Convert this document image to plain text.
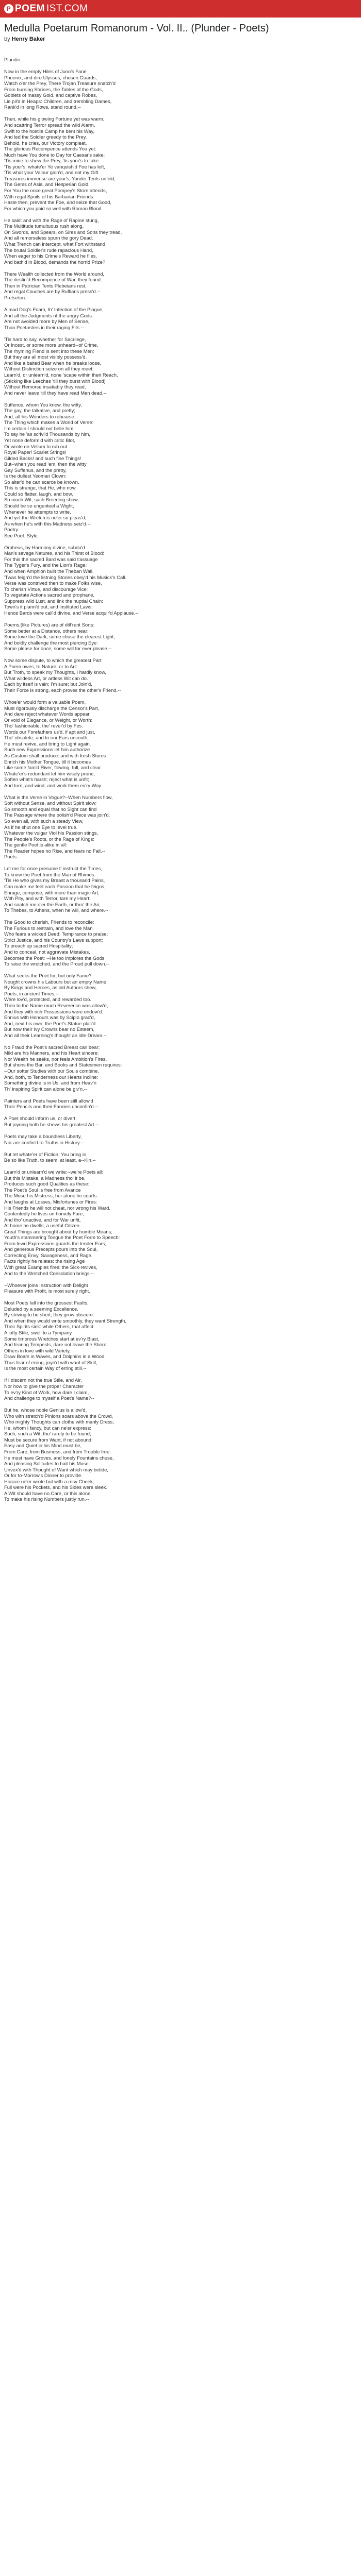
P POEM IST.COM
Medulla Poetarum Romanorum - Vol. II.. (Plunder - Poets)
by Henry Baker
Plunder.
Now in the empty Hiles of Juno's Fane
Phoenix, and dire Ulysses, chosen Guards,
Watch o'er the Prey. There Trojan Treasure snatch'd
From burning Shrines, the Tables of the Gods,
Goblets of massy Gold, and captive Robes,
Lie pil'd in Heaps: Children, and trembling Dames,
Rank'd in long Rows, stand round.--
Then, while his glowing Fortune yet was warm,
And scattring Terror spread the wild Alarm,
Swift to the hostile Camp he bent his Way,
And led the Soldier greedy to the Prey.
Behold, he cries, our Victory compleat,
The glorious Recompence attends You yet:
Much have You done to Day for Caesar's sake;
'Tis mine to shew the Prey, 'tis your's to take.
'Tis your's, whate'er Ye vanquish'd Foe has left,
'Tis what your Valour gain'd, and not my Gift.
Treasures immense are your's; Yonder Tents unfold,
The Gems of Asia, and Hesperian Gold.
For You the once great Pompey's Store attends,
With regal Spoils of his Barbarian Friends:
Haste then, prevent the Foe, and seize that Good,
For which you paid so well with Roman Blood.
He said: and with the Rage of Rapine stung,
The Multitude tumultuous rush along,
On Swords, and Spears, on Sires and Sons they tread,
And all remorseless spurn the gory Dead.
What Trench can intercept, what Fort withstand
The brutal Soldier's rude rapacious Hand,
When eager to his Crime's Reward he flies,
And bath'd in Blood, demands the horrid Prize?
There Wealth collected from the World around,
The destin'd Recompence of War, they found.
Then in Patrician Tents Plebeians rest,
And regal Couches are by Ruffians press'd.--
Pretseton.
A mad Dog's Foam, th' Infection of the Plague,
And all the Judgments of the angry Gods
Are not avoided more by Men of Sense,
Than Poetasters in their raging Fits:--
'Tis hard to say, whether for Sacrilege,
Or Incest, or some more unheard--of Crime,
The rhyming Fiend is sent into these Men:
But they are all most visibly possess'd.
And like a baited Bear when he breaks loose,
Without Distinction seize on all they meet:
Learn'd, or unlearn'd, none 'scape within their Reach,
(Sticking like Leeches 'till they burst with Blood)
Without Remorse insatiably they read,
And never leave 'till they have read Men dead.--
Suffenus, whom You know, the witty,
The gay, the talkative, and pretty;
And, all his Wonders to rehearse,
The Thing which makes a World of Verse:
I'm certain I should not belie him,
To say he 'as scrivl'd Thousands by him,
Yet none deform'd with critic Blot,
Or wrote on Vellum to rub out.
Royal Paper! Scarlet Strings!
Gilded Backs! and such fine Things!
But--when you read 'em, then the witty
Gay Suffenus, and the pretty,
Is the dullest Yeoman Clown:
So alter'd he can scarce be known.
This is strange, that He, who now
Could so flatter, laugh, and bow,
So much Wit, such Breeding show,
Should be so ungenteel a Wight,
Whenever he attempts to write.
And yet the Wretch is ne'er so pleas'd,
As when he's with this Madness seiz'd.--
Poetry.
See Poet. Style.
Orpheus, by Harmony divine, subdu'd
Man's savage Natures, and his Thirst of Blood:
For this the sacred Bard was said t'assuage
The Tyger's Fury, and the Lion's Rage:
And when Amphion built the Theban Wall,
'Twas feign'd the listning Stones obey'd his Musick's Call.
Verse was contrived then to make Folks wise,
To cherish Virtue, and discourage Vice:
To vegetate Actions sacred and prophane,
Suppress wild Lust, and link the nuptial Chain:
Town's it plann'd out, and instituted Laws.
Hence Bards were call'd divine, and Verse acquir'd Applause.--
Poems,(like Pictures) are of diff'rent Sorts:
Some better at a Distance, others near:
Some love the Dark, some chuse the clearest Light,
And boldly challenge the most piercing Eye:
Some please for once, some will for ever please.--
Now some dispute, to which the greatest Part
A Poem owes, to Nature, or to Art:
But Troth, to speak my Thoughts, I hardly know,
What wildess Art, or artless Wit can do.
Each by itself is vain; I'm sure; but Join'd,
Their Force is strong, each proves the other's Friend.--
Whoe'er would form a valuable Poem,
Must rigorously discharge the Censor's Part,
And dare reject whatever Words appear
Or void of Elegance, or Weight, or Worth:
Tho' fashionable, the' rever'd by Fes.
Words our Forefathers us'd, if apt and just,
Tho' obsolete, and to our Ears uncouth,
He must revive, and bring to Light again.
Such new Expressions let him authorize
As Custom shall produce: and with fresh Stores
Enrich his Mother Tongue, till it becomes
Like some fam'd River, flowing, full, and clear.
Whate'er's redundant let him wisely prune;
Soften what's harsh; reject what is unfit;
And turn, and wind, and work them ev'ry Way.
What is the Verse in Vogue?--When Numbers flow,
Soft without Sense, and without Spirit slow:
So smooth and equal that no Sight can find
The Passage where the polish'd Piece was join'd.
So even all, with such a steady View,
As if he shut one Eye to level true.
Whatever the vulgar Viol his Passion stings,
The People's Roots, or the Rage of Kings:
The gentle Poet is alike in all:
The Reader hopes no Rise, and fears no Fall.--
Poets.
Let me for once presume t' instruct the Times,
To know the Poet from the Man of Rhimes:
'Tis He who gives my Breast a thousand Pains,
Can make me feel each Passion that he feigns,
Enrage, compose, with more than magic Art,
With Pity, and with Terror, tare my Heart:
And snatch me o'er the Earth, or thro' the Air,
To Thebes, to Athens, when he will, and where.--
The Good to cherish, Friends to reconcile:
The Furious to restrain, and love the Man
Who fears a wicked Deed: Temp'rance to praise;
Strict Justice, and his Country's Laws support:
To preach up sacred Hospitality;
And to conceal, not aggravate Mistakes,
Becomes the Poet: --He too implores the Gods
To raise the wretched, and the Proud pull down.--
What seeks the Poet for, but only Fame?
Nought crowns his Labours but an empty Name.
By Kings and Heroes, as old Authors shew,
Poets, in ancient Times,--
Were lov'd, protected, and rewarded too.
Then to the Name much Reverence was allow'd,
And they with rich Possessions were endow'd.
Ennius with Honours was by Scipio grac'd,
And, next his own, the Poet's Statue plac'd.
But now their Ivy Crowns bear no Esteem,
And all their Learning's thought an idle Dream.--
No Fraud the Poet's sacred Breast can bear;
Mild are his Manners, and his Heart sincere:
Nor Wealth he seeks, nor feels Ambition's Fires,
But shuns the Bar, and Books and Statesmen requires:
--Our softer Studies with our Souls combine,
And, both, to Tenderness our Hearts incline:
Something divine is in Us, and from Heav'n
Th' inspiring Spirit can alone be giv'n.--
Painters and Poets have been still allow'd
Their Pencils and their Fancies unconfin'd.--
A Poet should inform us, or divert:
But joyning both he shews his greatest Art.--
Poets may take a boundless Liberty,
Nor are confin'd to Truths in History.--
But let whate'er of Fiction, You bring in,
Be so like Truth, to seem, at least, a--Kin.--
Learn'd or unlearn'd we write:--we're Poets all:
But this Mistake, a Madness tho' it be,
Produces such good Qualities as these:
The Poet's Soul is free from Avarice
The Muse his Mistress, her alone he courts:
And laughs at Losses, Misfortunes or Fires:
His Friends he will not cheat, nor wrong his Ward.
Contentedly he lives on homely Fare,
And tho' unactive, and for War unfit,
At home he dwells, a useful Citizen.
Great Things are brought about by humble Means;
Youth's stammering Tongue the Poet Form to Speech:
From lewd Expressions guards the tender Ears,
And generous Precepts pours into the Soul,
Correcting Envy, Savageness, and Rage.
Facts rightly he relates: the rising Age
With great Examples fires: the Sick-revives,
And to the Wretched Consolation brings.--
--Whoever joins Instruction with Delight
Pleasure with Profit, is most surely right.
Most Poets fall into the grossest Faults,
Deluded by a seeming Excellence.
By striving to be short, they grow obscure:
And when they would write smoothly, they want Strength,
Their Spirits sink: while Others, that affect
A lofty Stile, swell to a Tympany.
Some timorous Wretches start at ev'ry Blast,
And fearing Tempests, dare not leave the Shore:
Others in love with wild Variety,
Draw Boars in Waves, and Dolphins in a Wood.
Thus fear of erring, joyn'd with want of Skill,
Is the most certain Way of erring still.--
If I discern not the true Stile, and Air,
Nor how to give the proper Character
To ev'ry Kind of Work, how dare I claim,
And challenge to myself a Poet's Name?--
But he, whose noble Genius is allow'd,
Who with stretch'd Pinions soars above the Crowd,
Who mighty Thoughts can clothe with manly Dress,
He, whom I fancy, but can ne'er express:
Such, such a Wit, tho' rarely to be found,
Must be secure from Want, if not abound:
Easy and Quiet in his Mind must be,
From Care, from Business, and from Trouble free.
He must have Groves, and lonely Fountains chuse,
And pleasing Solitudes to bait his Muse.
Unvex'd with Thought of Want which may betide,
Or for to-Morrow's Dinner to provide.
Horace ne'er wrote but with a rosy Cheek,
Full were his Pockets, and his Sides were sleek.
A Wit should have no Care, or this alone,
To make his rising Numbers justly run.--
